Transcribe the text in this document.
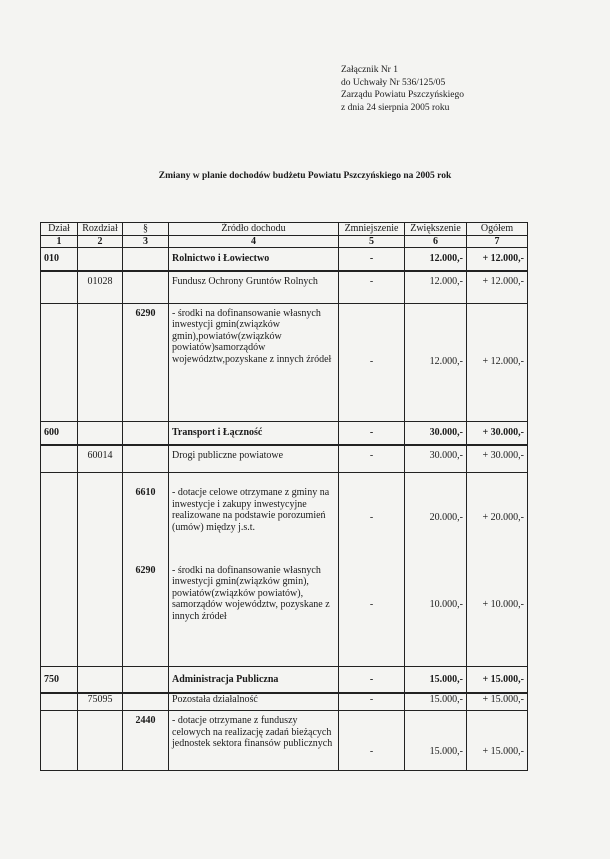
Załącznik Nr 1
do Uchwały Nr 536/125/05
Zarządu Powiatu Pszczyńskiego
z dnia 24 sierpnia 2005 roku
Zmiany w planie dochodów budżetu Powiatu Pszczyńskiego na 2005 rok
Dział	Rozdział	§	Źródło dochodu	Zmniejszenie	Zwiększenie	Ogółem
1	2	3	4	5	6	7
010			Rolnictwo i Łowiectwo	-	12.000,-	+ 12.000,-
	01028		Fundusz Ochrony Gruntów Rolnych	-	12.000,-	+ 12.000,-
		6290	- środki na dofinansowanie własnych inwestycji gmin(związków gmin),powiatów(związków powiatów)samorządów województw,pozyskane z innych źródeł	-	12.000,-	+ 12.000,-
600			Transport i Łączność	-	30.000,-	+ 30.000,-
	60014		Drogi publiczne powiatowe	-	30.000,-	+ 30.000,-
		6610	- dotacje celowe otrzymane z gminy na inwestycje i zakupy inwestycyjne realizowane na podstawie porozumień (umów) między j.s.t.	-	20.000,-	+ 20.000,-
		6290	- środki na dofinansowanie własnych inwestycji gmin(związków gmin), powiatów(związków powiatów), samorządów województw, pozyskane z innych źródeł	-	10.000,-	+ 10.000,-
750			Administracja Publiczna	-	15.000,-	+ 15.000,-
	75095		Pozostała działalność	-	15.000,-	+ 15.000,-
		2440	- dotacje otrzymane z funduszy celowych na realizację zadań bieżących jednostek sektora finansów publicznych	-	15.000,-	+ 15.000,-
